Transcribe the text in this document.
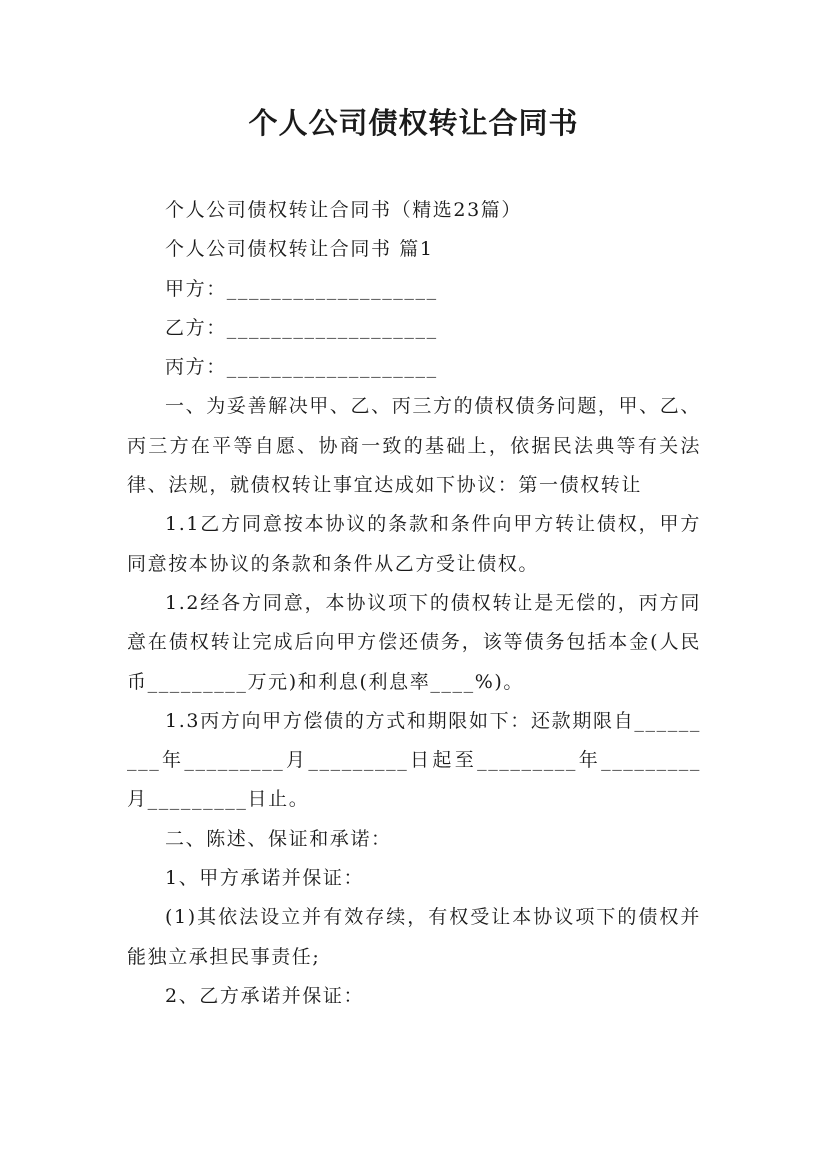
个人公司债权转让合同书

个人公司债权转让合同书（精选23篇）

个人公司债权转让合同书 篇1

甲方：___________________

乙方：___________________

丙方：___________________

一、为妥善解决甲、乙、丙三方的债权债务问题，甲、乙、丙三方在平等自愿、协商一致的基础上，依据民法典等有关法律、法规，就债权转让事宜达成如下协议：第一债权转让

1.1乙方同意按本协议的条款和条件向甲方转让债权，甲方同意按本协议的条款和条件从乙方受让债权。

1.2经各方同意，本协议项下的债权转让是无偿的，丙方同意在债权转让完成后向甲方偿还债务，该等债务包括本金(人民币_________万元)和利息(利息率____%)。

1.3丙方向甲方偿债的方式和期限如下：还款期限自_________年_________月_________日起至_________年_________月_________日止。

二、陈述、保证和承诺：

1、甲方承诺并保证：

(1)其依法设立并有效存续，有权受让本协议项下的债权并能独立承担民事责任;

2、乙方承诺并保证：
